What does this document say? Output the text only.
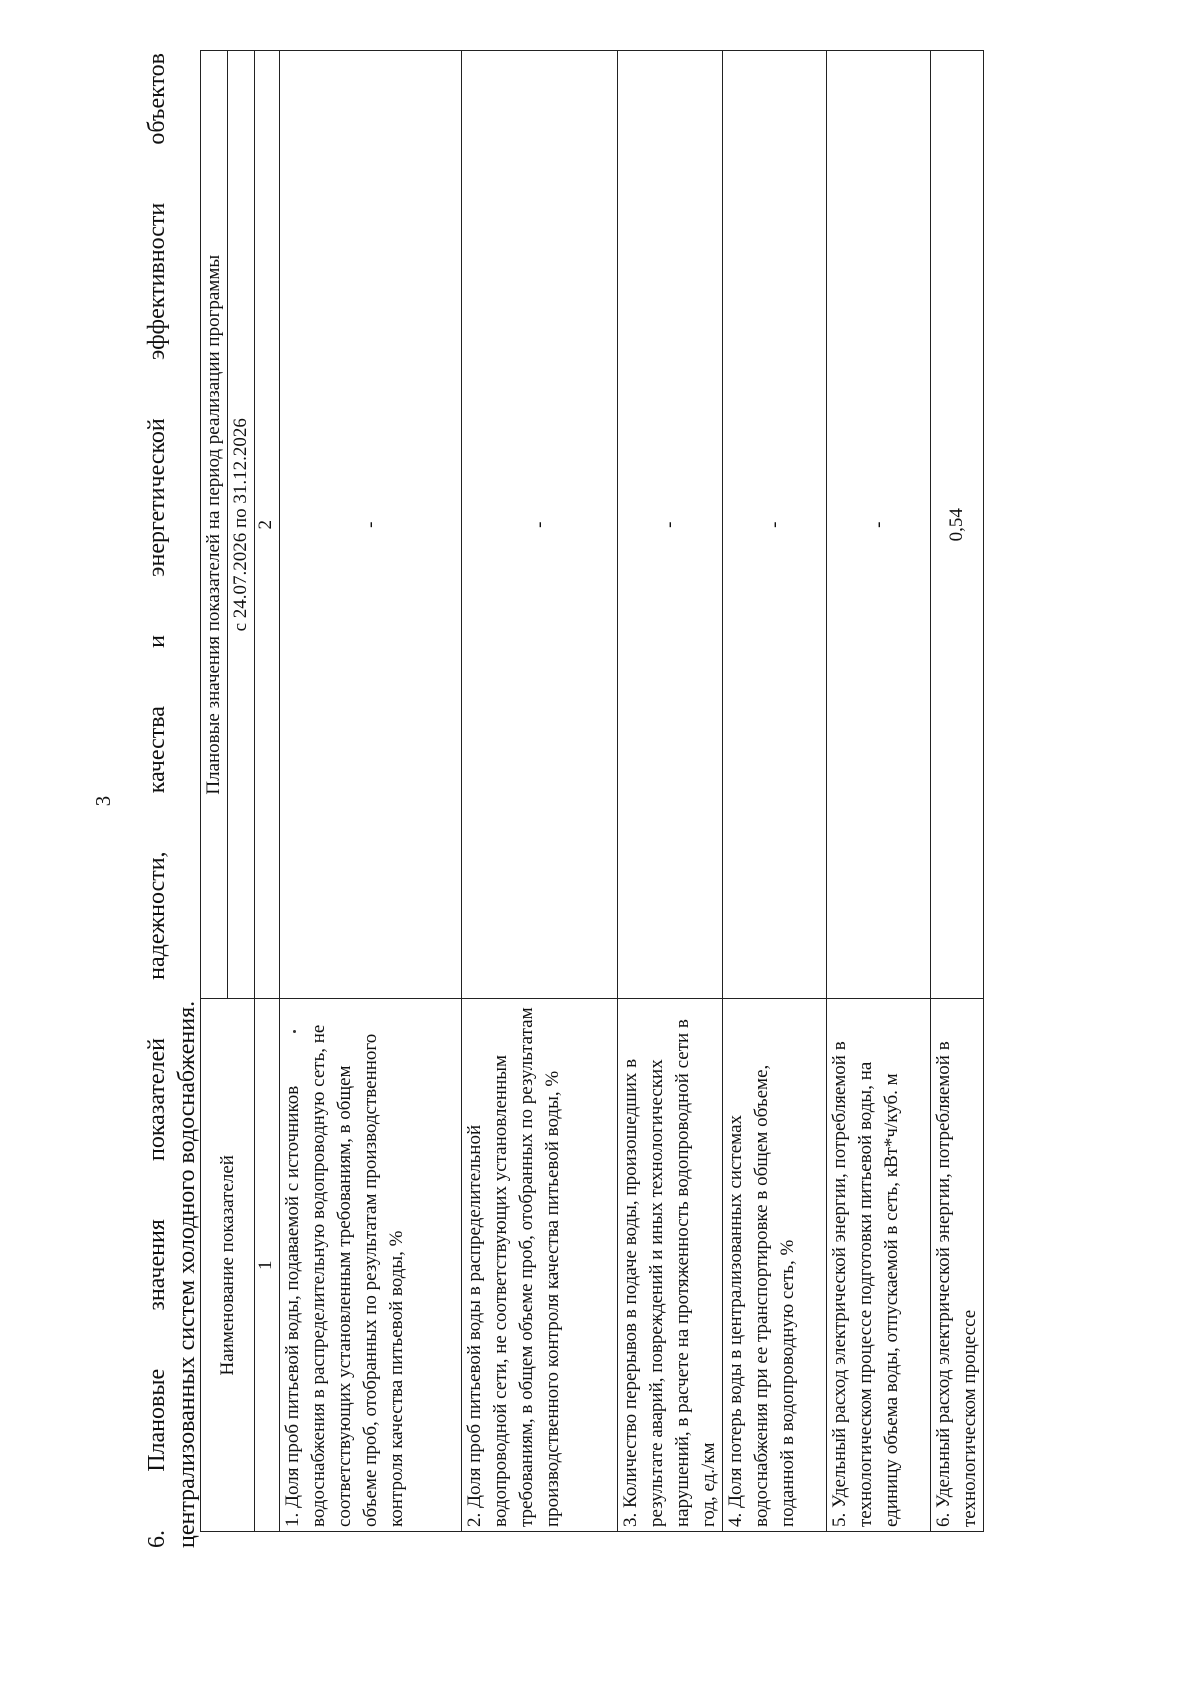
3
6.
Плановые
значения
показателей
надежности,
качества
и
энергетической
эффективности
объектов
централизованных систем холодного водоснабжения. Наименование показателей	Плановые значения показателей на период реализации программы
	с 24.07.2026 по 31.12.2026
1	2
1. Доля проб питьевой воды, подаваемой с источников водоснабжения в распределительную водопроводную сеть, не соответствующих установленным требованиям, в общем объеме проб, отобранных по результатам производственного контроля качества питьевой воды, %	-
2. Доля проб питьевой воды в распределительной водопроводной сети, не соответствующих установленным требованиям, в общем объеме проб, отобранных по результатам производственного контроля качества питьевой воды, %	-
3. Количество перерывов в подаче воды, произошедших в результате аварий, повреждений и иных технологических нарушений, в расчете на протяженность водопроводной сети в год, ед./км	-
4. Доля потерь воды в централизованных системах водоснабжения при ее транспортировке в общем объеме, поданной в водопроводную сеть, %	-
5. Удельный расход электрической энергии, потребляемой в технологическом процессе подготовки питьевой воды, на единицу объема воды, отпускаемой в сеть, кВт*ч/куб. м	-
6. Удельный расход электрической энергии, потребляемой в технологическом процессе	0,54
